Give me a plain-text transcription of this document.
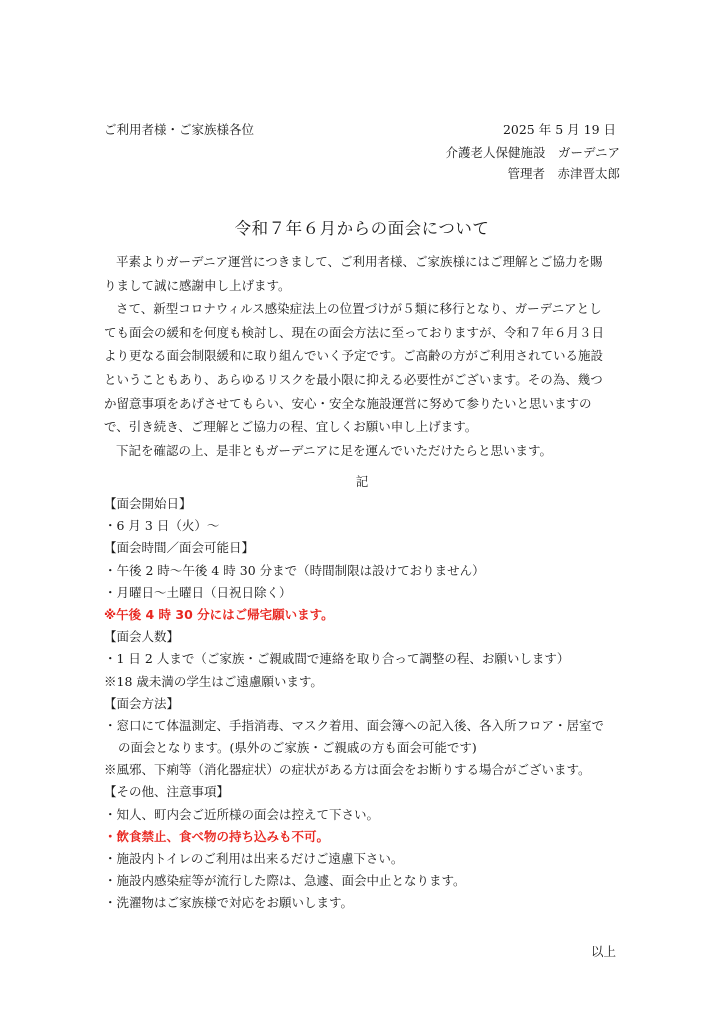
ご利用者様・ご家族様各位	2025 年 5 月 19 日
介護老人保健施設　ガーデニア
管理者　赤津晋太郎
令和７年６月からの面会について
平素よりガーデニア運営につきまして、ご利用者様、ご家族様にはご理解とご協力を賜
りまして誠に感謝申し上げます。
さて、新型コロナウィルス感染症法上の位置づけが５類に移行となり、ガーデニアとし
ても面会の緩和を何度も検討し、現在の面会方法に至っておりますが、令和７年６月３日
より更なる面会制限緩和に取り組んでいく予定です。ご高齢の方がご利用されている施設
ということもあり、あらゆるリスクを最小限に抑える必要性がございます。その為、幾つ
か留意事項をあげさせてもらい、安心・安全な施設運営に努めて参りたいと思いますの
で、引き続き、ご理解とご協力の程、宜しくお願い申し上げます。
下記を確認の上、是非ともガーデニアに足を運んでいただけたらと思います。
記
【面会開始日】
・6 月 3 日（火）～
【面会時間／面会可能日】
・午後 2 時～午後 4 時 30 分まで（時間制限は設けておりません）
・月曜日～土曜日（日祝日除く）
※午後 4 時 30 分にはご帰宅願います。
【面会人数】
・1 日 2 人まで（ご家族・ご親戚間で連絡を取り合って調整の程、お願いします）
※18 歳未満の学生はご遠慮願います。
【面会方法】
・窓口にて体温測定、手指消毒、マスク着用、面会簿への記入後、各入所フロア・居室で
の面会となります。(県外のご家族・ご親戚の方も面会可能です)
※風邪、下痢等（消化器症状）の症状がある方は面会をお断りする場合がございます。
【その他、注意事項】
・知人、町内会ご近所様の面会は控えて下さい。
・飲食禁止、食べ物の持ち込みも不可。
・施設内トイレのご利用は出来るだけご遠慮下さい。
・施設内感染症等が流行した際は、急遽、面会中止となります。
・洗濯物はご家族様で対応をお願いします。
以上
